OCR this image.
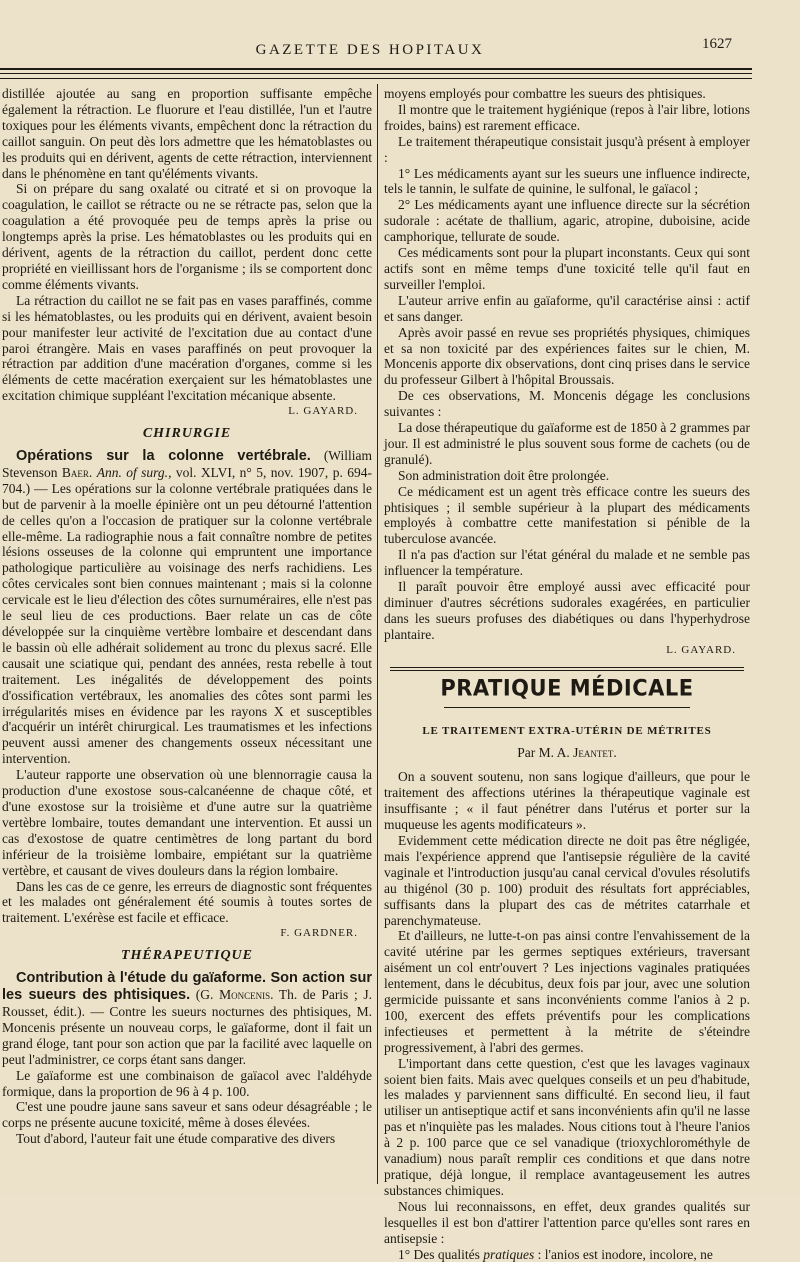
GAZETTE DES HOPITAUX	1627

distillée ajoutée au sang en proportion suffisante empêche également la rétraction. Le fluorure et l'eau distillée, l'un et l'autre toxiques pour les éléments vivants, empêchent donc la rétraction du caillot sanguin. On peut dès lors admettre que les hématoblastes ou les produits qui en dérivent, agents de cette rétraction, interviennent dans le phénomène en tant qu'éléments vivants.

Si on prépare du sang oxalaté ou citraté et si on provoque la coagulation, le caillot se rétracte ou ne se rétracte pas, selon que la coagulation a été provoquée peu de temps après la prise ou longtemps après la prise. Les hématoblastes ou les produits qui en dérivent, agents de la rétraction du caillot, perdent donc cette propriété en vieillissant hors de l'organisme ; ils se comportent donc comme éléments vivants.

La rétraction du caillot ne se fait pas en vases paraffinés, comme si les hématoblastes, ou les produits qui en dérivent, avaient besoin pour manifester leur activité de l'excitation due au contact d'une paroi étrangère. Mais en vases paraffinés on peut provoquer la rétraction par addition d'une macération d'organes, comme si les éléments de cette macération exerçaient sur les hématoblastes une excitation chimique suppléant l'excitation mécanique absente.

L. GAYARD.

CHIRURGIE

Opérations sur la colonne vertébrale. (William Stevenson Baer. Ann. of surg., vol. XLVI, n° 5, nov. 1907, p. 694-704.) — Les opérations sur la colonne vertébrale pratiquées dans le but de parvenir à la moelle épinière ont un peu détourné l'attention de celles qu'on a l'occasion de pratiquer sur la colonne vertébrale elle-même. La radiographie nous a fait connaître nombre de petites lésions osseuses de la colonne qui empruntent une importance pathologique particulière au voisinage des nerfs rachidiens. Les côtes cervicales sont bien connues maintenant ; mais si la colonne cervicale est le lieu d'élection des côtes surnuméraires, elle n'est pas le seul lieu de ces productions. Baer relate un cas de côte développée sur la cinquième vertèbre lombaire et descendant dans le bassin où elle adhérait solidement au tronc du plexus sacré. Elle causait une sciatique qui, pendant des années, resta rebelle à tout traitement. Les inégalités de développement des points d'ossification vertébraux, les anomalies des côtes sont parmi les irrégularités mises en évidence par les rayons X et susceptibles d'acquérir un intérêt chirurgical. Les traumatismes et les infections peuvent aussi amener des changements osseux nécessitant une intervention.

L'auteur rapporte une observation où une blennorragie causa la production d'une exostose sous-calcanéenne de chaque côté, et d'une exostose sur la troisième et d'une autre sur la quatrième vertèbre lombaire, toutes demandant une intervention. Et aussi un cas d'exostose de quatre centimètres de long partant du bord inférieur de la troisième lombaire, empiétant sur la quatrième vertèbre, et causant de vives douleurs dans la région lombaire.

Dans les cas de ce genre, les erreurs de diagnostic sont fréquentes et les malades ont généralement été soumis à toutes sortes de traitement. L'exérèse est facile et efficace.

F. GARDNER.

THÉRAPEUTIQUE

Contribution à l'étude du gaïaforme. Son action sur les sueurs des phtisiques. (G. Moncenis. Th. de Paris ; J. Rousset, édit.). — Contre les sueurs nocturnes des phtisiques, M. Moncenis présente un nouveau corps, le gaïaforme, dont il fait un grand éloge, tant pour son action que par la facilité avec laquelle on peut l'administrer, ce corps étant sans danger.

Le gaïaforme est une combinaison de gaïacol avec l'aldéhyde formique, dans la proportion de 96 à 4 p. 100.

C'est une poudre jaune sans saveur et sans odeur désagréable ; le corps ne présente aucune toxicité, même à doses élevées.

Tout d'abord, l'auteur fait une étude comparative des divers

moyens employés pour combattre les sueurs des phtisiques.

Il montre que le traitement hygiénique (repos à l'air libre, lotions froides, bains) est rarement efficace.

Le traitement thérapeutique consistait jusqu'à présent à employer :

1° Les médicaments ayant sur les sueurs une influence indirecte, tels le tannin, le sulfate de quinine, le sulfonal, le gaïacol ;

2° Les médicaments ayant une influence directe sur la sécrétion sudorale : acétate de thallium, agaric, atropine, duboisine, acide camphorique, tellurate de soude.

Ces médicaments sont pour la plupart inconstants. Ceux qui sont actifs sont en même temps d'une toxicité telle qu'il faut en surveiller l'emploi.

L'auteur arrive enfin au gaïaforme, qu'il caractérise ainsi : actif et sans danger.

Après avoir passé en revue ses propriétés physiques, chimiques et sa non toxicité par des expériences faites sur le chien, M. Moncenis apporte dix observations, dont cinq prises dans le service du professeur Gilbert à l'hôpital Broussais.

De ces observations, M. Moncenis dégage les conclusions suivantes :

La dose thérapeutique du gaïaforme est de 1850 à 2 grammes par jour. Il est administré le plus souvent sous forme de cachets (ou de granulé).

Son administration doit être prolongée.

Ce médicament est un agent très efficace contre les sueurs des phtisiques ; il semble supérieur à la plupart des médicaments employés à combattre cette manifestation si pénible de la tuberculose avancée.

Il n'a pas d'action sur l'état général du malade et ne semble pas influencer la température.

Il paraît pouvoir être employé aussi avec efficacité pour diminuer d'autres sécrétions sudorales exagérées, en particulier dans les sueurs profuses des diabétiques ou dans l'hyperhydrose plantaire.

L. GAYARD.

PRATIQUE MÉDICALE
LE TRAITEMENT EXTRA-UTÉRIN DE MÉTRITES
Par M. A. Jeantet.

On a souvent soutenu, non sans logique d'ailleurs, que pour le traitement des affections utérines la thérapeutique vaginale est insuffisante ; « il faut pénétrer dans l'utérus et porter sur la muqueuse les agents modificateurs ».

Evidemment cette médication directe ne doit pas être négligée, mais l'expérience apprend que l'antisepsie régulière de la cavité vaginale et l'introduction jusqu'au canal cervical d'ovules résolutifs au thigénol (30 p. 100) produit des résultats fort appréciables, suffisants dans la plupart des cas de métrites catarrhale et parenchymateuse.

Et d'ailleurs, ne lutte-t-on pas ainsi contre l'envahissement de la cavité utérine par les germes septiques extérieurs, traversant aisément un col entr'ouvert ? Les injections vaginales pratiquées lentement, dans le décubitus, deux fois par jour, avec une solution germicide puissante et sans inconvénients comme l'anios à 2 p. 100, exercent des effets préventifs pour les complications infectieuses et permettent à la métrite de s'éteindre progressivement, à l'abri des germes.

L'important dans cette question, c'est que les lavages vaginaux soient bien faits. Mais avec quelques conseils et un peu d'habitude, les malades y parviennent sans difficulté. En second lieu, il faut utiliser un antiseptique actif et sans inconvénients afin qu'il ne lasse pas et n'inquiète pas les malades. Nous citions tout à l'heure l'anios à 2 p. 100 parce que ce sel vanadique (trioxychlorométhyle de vanadium) nous paraît remplir ces conditions et que dans notre pratique, déjà longue, il remplace avantageusement les autres substances chimiques.

Nous lui reconnaissons, en effet, deux grandes qualités sur lesquelles il est bon d'attirer l'attention parce qu'elles sont rares en antisepsie :

1° Des qualités pratiques : l'anios est inodore, incolore, ne
